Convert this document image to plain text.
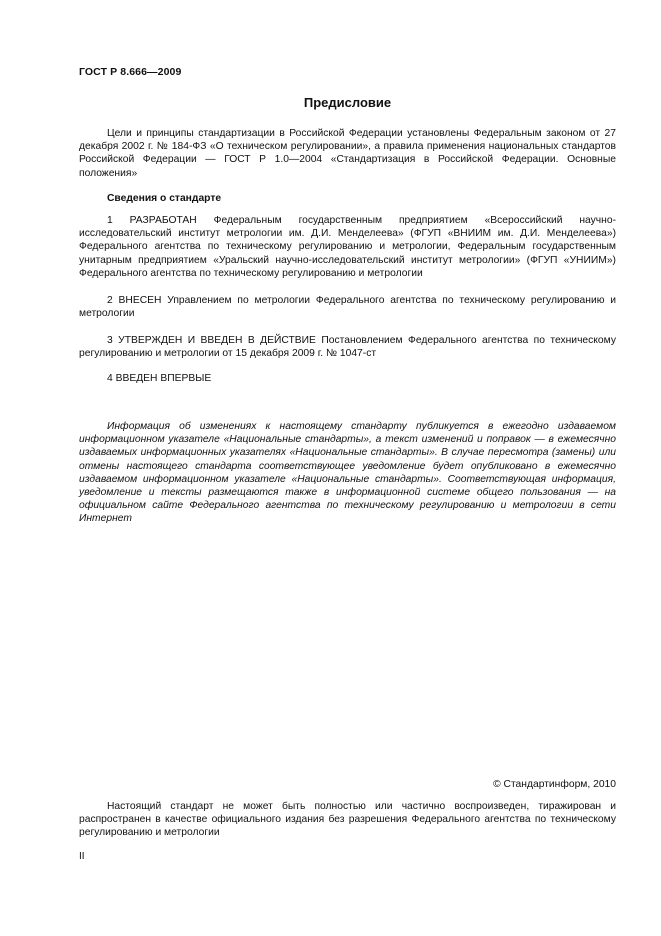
ГОСТ Р 8.666—2009
Предисловие

Цели и принципы стандартизации в Российской Федерации установлены Федеральным законом от 27 декабря 2002 г. № 184-ФЗ «О техническом регулировании», а правила применения национальных стандартов Российской Федерации — ГОСТ Р 1.0—2004 «Стандартизация в Российской Федерации. Основные положения»

Сведения о стандарте

1 РАЗРАБОТАН Федеральным государственным предприятием «Всероссийский научно-исследовательский институт метрологии им. Д.И. Менделеева» (ФГУП «ВНИИМ им. Д.И. Менделеева») Федерального агентства по техническому регулированию и метрологии, Федеральным государственным унитарным предприятием «Уральский научно-исследовательский институт метрологии» (ФГУП «УНИИМ») Федерального агентства по техническому регулированию и метрологии

2 ВНЕСЕН Управлением по метрологии Федерального агентства по техническому регулированию и метрологии

3 УТВЕРЖДЕН И ВВЕДЕН В ДЕЙСТВИЕ Постановлением Федерального агентства по техническому регулированию и метрологии от 15 декабря 2009 г. № 1047-ст

4 ВВЕДЕН ВПЕРВЫЕ

Информация об изменениях к настоящему стандарту публикуется в ежегодно издаваемом информационном указателе «Национальные стандарты», а текст изменений и поправок — в ежемесячно издаваемых информационных указателях «Национальные стандарты». В случае пересмотра (замены) или отмены настоящего стандарта соответствующее уведомление будет опубликовано в ежемесячно издаваемом информационном указателе «Национальные стандарты». Соответствующая информация, уведомление и тексты размещаются также в информационной системе общего пользования — на официальном сайте Федерального агентства по техническому регулированию и метрологии в сети Интернет

© Стандартинформ, 2010

Настоящий стандарт не может быть полностью или частично воспроизведен, тиражирован и распространен в качестве официального издания без разрешения Федерального агентства по техническому регулированию и метрологии

II
